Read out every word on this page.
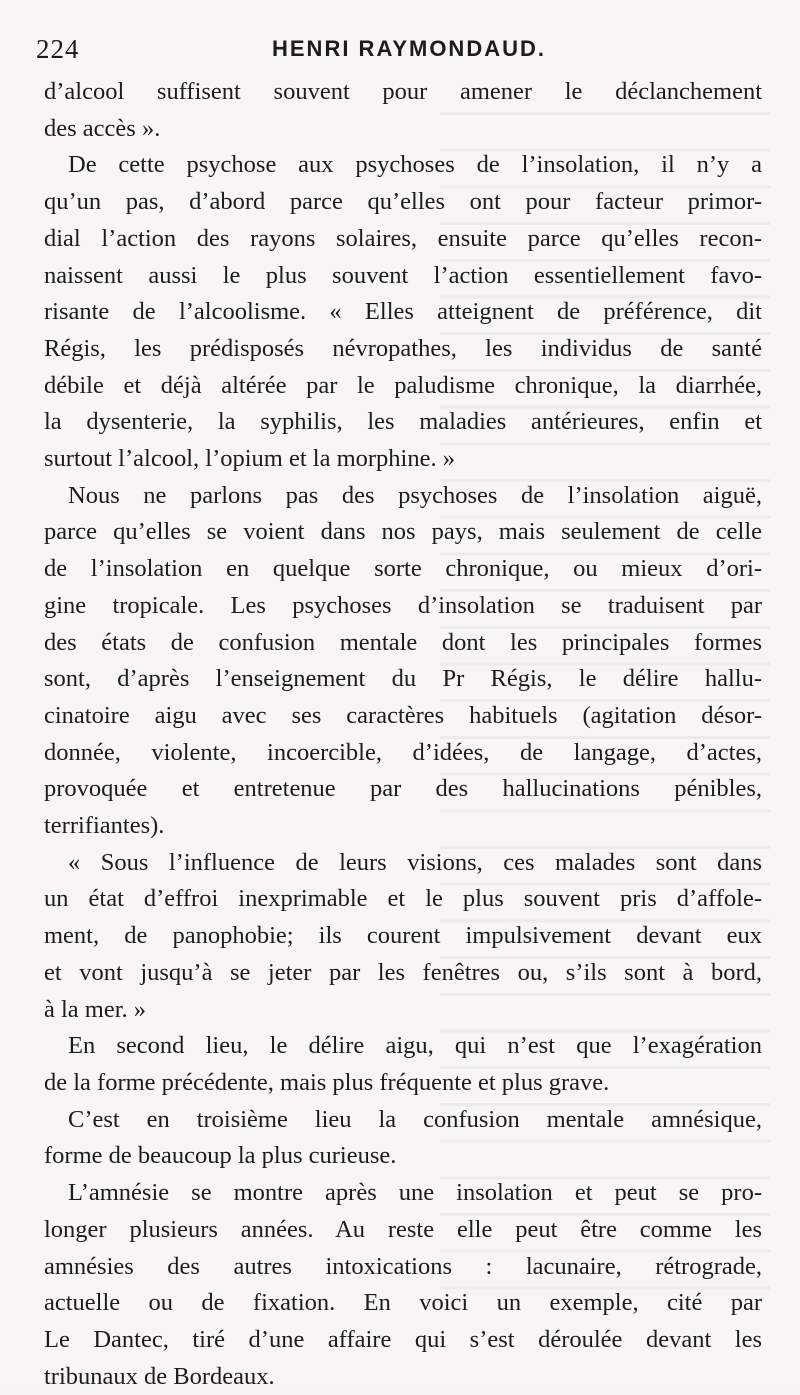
224	HENRI RAYMONDAUD.
d’alcool suffisent souvent pour amener le déclanchement
des accès ».
De cette psychose aux psychoses de l’insolation, il n’y a
qu’un pas, d’abord parce qu’elles ont pour facteur primor-
dial l’action des rayons solaires, ensuite parce qu’elles recon-
naissent aussi le plus souvent l’action essentiellement favo-
risante de l’alcoolisme. « Elles atteignent de préférence, dit
Régis, les prédisposés névropathes, les individus de santé
débile et déjà altérée par le paludisme chronique, la diarrhée,
la dysenterie, la syphilis, les maladies antérieures, enfin et
surtout l’alcool, l’opium et la morphine. »
Nous ne parlons pas des psychoses de l’insolation aiguë,
parce qu’elles se voient dans nos pays, mais seulement de celle
de l’insolation en quelque sorte chronique, ou mieux d’ori-
gine tropicale. Les psychoses d’insolation se traduisent par
des états de confusion mentale dont les principales formes
sont, d’après l’enseignement du Pr Régis, le délire hallu-
cinatoire aigu avec ses caractères habituels (agitation désor-
donnée, violente, incoercible, d’idées, de langage, d’actes,
provoquée et entretenue par des hallucinations pénibles,
terrifiantes).
« Sous l’influence de leurs visions, ces malades sont dans
un état d’effroi inexprimable et le plus souvent pris d’affole-
ment, de panophobie; ils courent impulsivement devant eux
et vont jusqu’à se jeter par les fenêtres ou, s’ils sont à bord,
à la mer. »
En second lieu, le délire aigu, qui n’est que l’exagération
de la forme précédente, mais plus fréquente et plus grave.
C’est en troisième lieu la confusion mentale amnésique,
forme de beaucoup la plus curieuse.
L’amnésie se montre après une insolation et peut se pro-
longer plusieurs années. Au reste elle peut être comme les
amnésies des autres intoxications : lacunaire, rétrograde,
actuelle ou de fixation. En voici un exemple, cité par
Le Dantec, tiré d’une affaire qui s’est déroulée devant les
tribunaux de Bordeaux.
